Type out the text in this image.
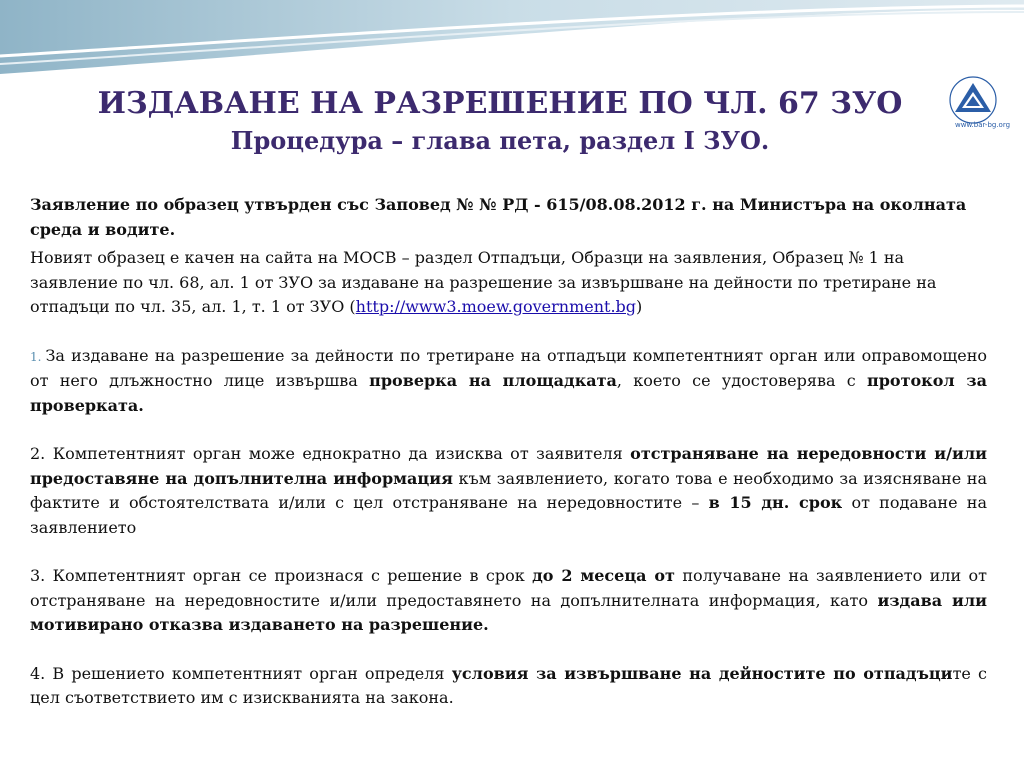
www.bar-bg.org
ИЗДАВАНЕ НА РАЗРЕШЕНИЕ ПО ЧЛ. 67 ЗУО
Процедура – глава пета, раздел I ЗУО.

Заявление по образец утвърден със Заповед № № РД - 615/08.08.2012 г. на Министъра на околната среда и водите.

Новият образец е качен на сайта на МОСВ – раздел Отпадъци, Образци на заявления, Образец № 1 на заявление по чл. 68, ал. 1 от ЗУО за издаване на разрешение за извършване на дейности по третиране на отпадъци по чл. 35, ал. 1, т. 1 от ЗУО (http://www3.moew.government.bg)

1. За издаване на разрешение за дейности по третиране на отпадъци компетентният орган или оправомощено от него длъжностно лице извършва проверка на площадката, което се удостоверява с протокол за проверката.

2. Компетентният орган може еднократно да изисква от заявителя отстраняване на нередовности и/или предоставяне на допълнителна информация към заявлението, когато това е необходимо за изясняване на фактите и обстоятелствата и/или с цел отстраняване на нередовностите – в 15 дн. срок от подаване на заявлението

3. Компетентният орган се произнася с решение в срок до 2 месеца от получаване на заявлението или от отстраняване на нередовностите и/или предоставянето на допълнителната информация, като издава или мотивирано отказва издаването на разрешение.

4. В решението компетентният орган определя условия за извършване на дейностите по отпадъците с цел съответствието им с изискванията на закона.
